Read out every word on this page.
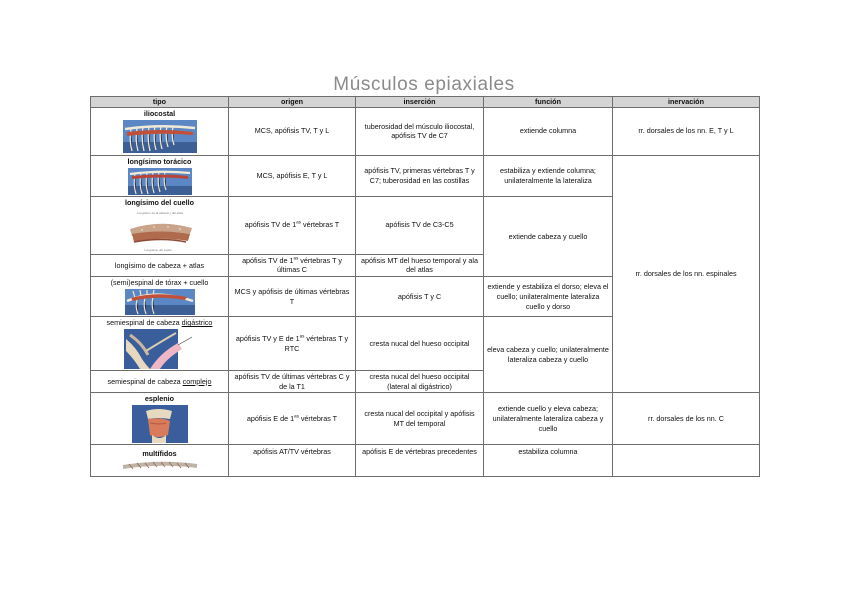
Músculos epiaxiales
tipo	origen	inserción	función	inervación

iliocostal	MCS, apófisis TV, T y L	tuberosidad del músculo iliocostal, apófisis TV de C7	extiende columna	rr. dorsales de los nn. E, T y L

longísimo torácico	MCS, apófisis E, T y L	apófisis TV, primeras vértebras T y C7; tuberosidad en las costillas	estabiliza y extiende columna; unilateralmente la lateraliza	rr. dorsales de los nn. espinales

longísimo del cuello
Longísimo de la cabeza y del atlas
Longísimo del cuello	apófisis TV de $1^{as}$ vértebras T	apófisis TV de C3-C5	extiende cabeza y cuello	
longísimo de cabeza + atlas	apófisis TV de $1^{as}$ vértebras T y últimas C	apófisis MT del hueso temporal y ala del atlas		
(semi)espinal de tórax + cuello	MCS y apófisis de últimas vértebras T	apófisis T y C	extiende y estabiliza el dorso; eleva el cuello; unilateralmente lateraliza cuello y dorso	
semiespinal de cabeza digástrico	apófisis TV y E de $1^{as}$ vértebras T y RTC	cresta nucal del hueso occipital	eleva cabeza y cuello; unilateralmente lateraliza cabeza y cuello	
semiespinal de cabeza complejo	apófisis TV de últimas vértebras C y de la T1	cresta nucal del hueso occipital (lateral al digástrico)		

esplenio	apófisis E de $1^{as}$ vértebras T	cresta nucal del occipital y apófisis MT del temporal	extiende cuello y eleva cabeza; unilateralmente lateraliza cabeza y cuello	rr. dorsales de los nn. C

multífidos	apófisis AT/TV vértebras	apófisis E de vértebras precedentes	estabiliza columna	
